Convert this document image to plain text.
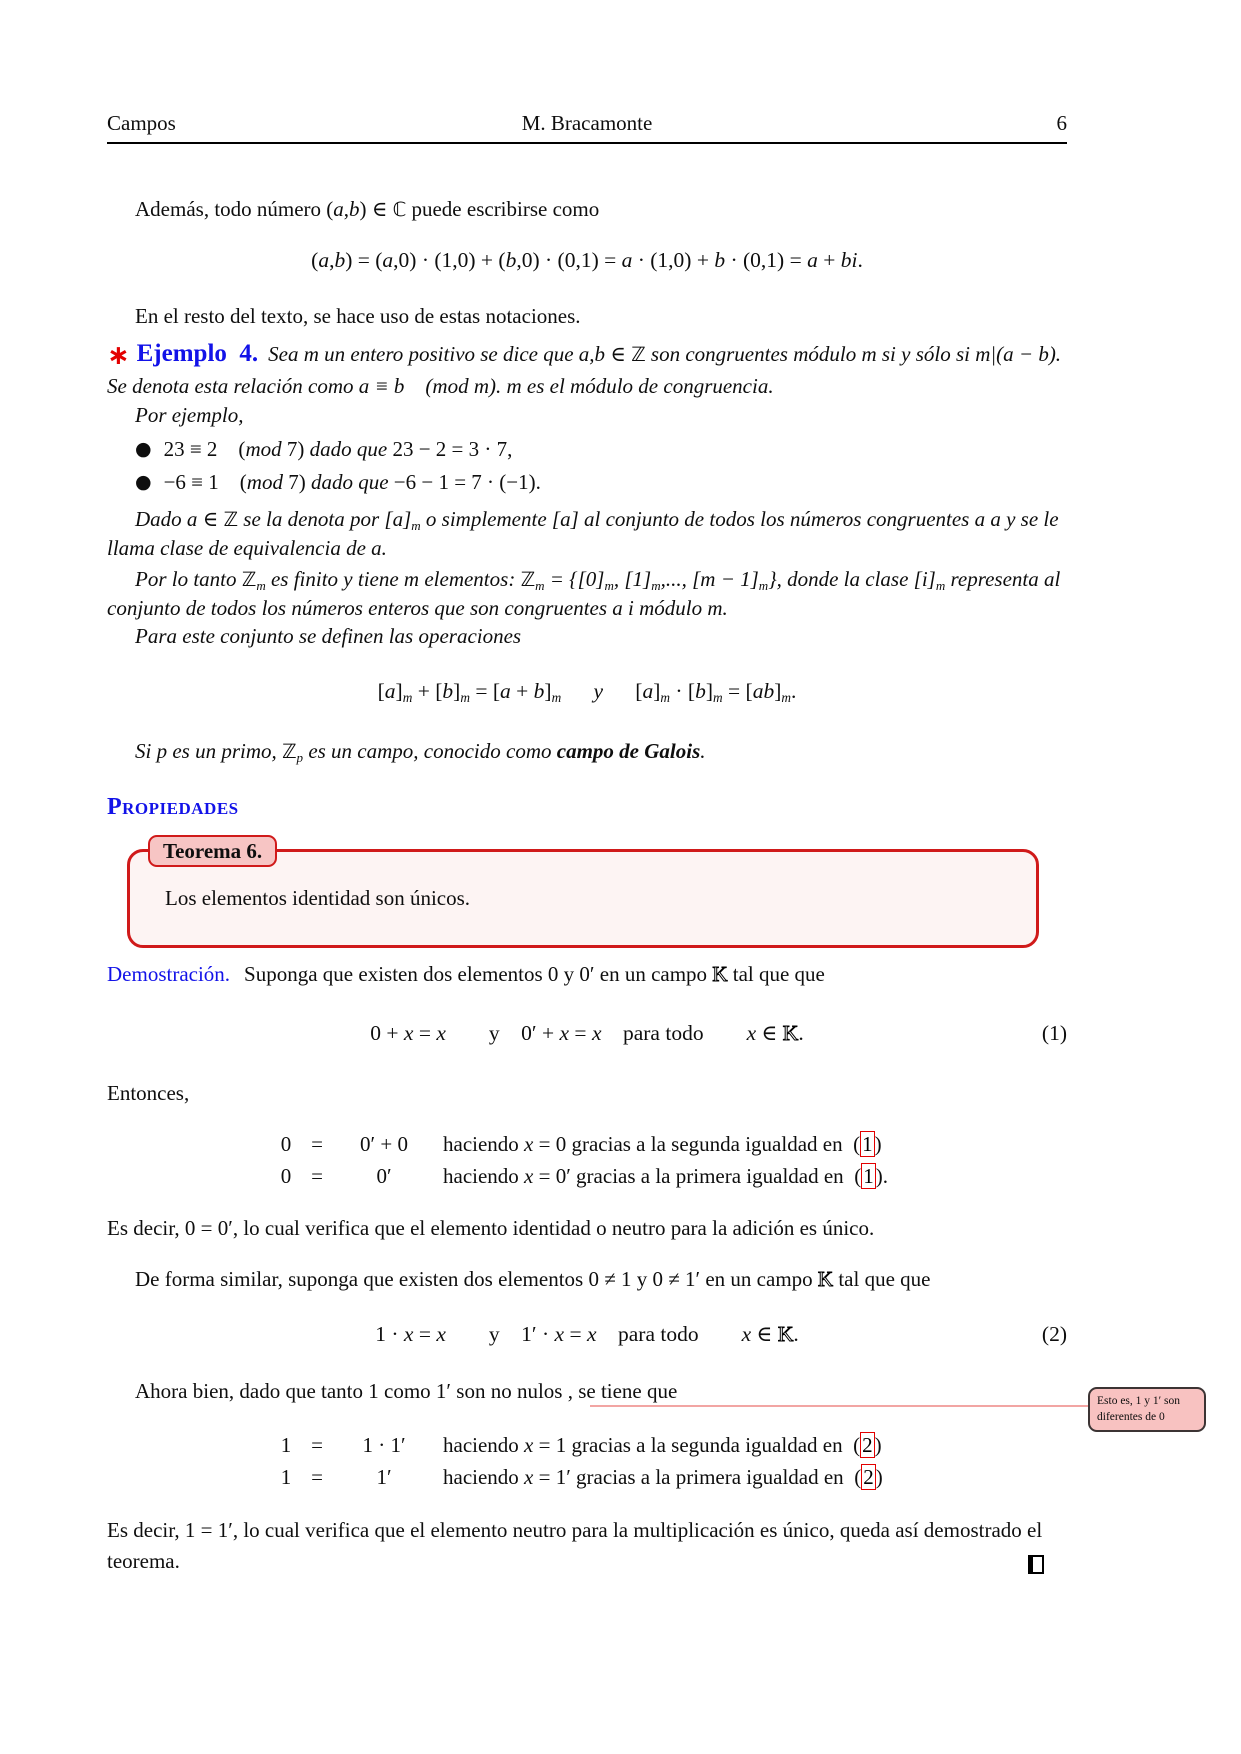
Campos	M. Bracamonte	6

Además, todo número (a,b) ∈ ℂ puede escribirse como

(a,b) = (a,0) · (1,0) + (b,0) · (0,1) = a · (1,0) + b · (0,1) = a + bi.

En el resto del texto, se hace uso de estas notaciones.

∗ Ejemplo  4. Sea m un entero positivo se dice que a,b ∈ ℤ son congruentes módulo m si y sólo si m|(a − b). Se denota esta relación como a ≡ b  (mod m). m es el módulo de congruencia.

Por ejemplo,

● 23 ≡ 2  (mod 7) dado que 23 − 2 = 3 · 7,
● −6 ≡ 1  (mod 7) dado que −6 − 1 = 7 · (−1).

Dado a ∈ ℤ se la denota por $[a]_m$ o simplemente [a] al conjunto de todos los números congruentes a a y se le llama clase de equivalencia de a.

Por lo tanto ℤ$_m$ es finito y tiene m elementos: ℤ$_m$ = {$[0]_m$, $[1]_m$,..., $[m - 1]_m$}, donde la clase $[i]_m$ representa al conjunto de todos los números enteros que son congruentes a i módulo m.

Para este conjunto se definen las operaciones

$[a]_m + [b]_m = [a + b]_m$   y  $[a]_m \cdot [b]_m = [ab]_m$.

Si p es un primo, ℤ$_p$ es un campo, conocido como campo de Galois.

Propiedades
Teorema 6.
Los elementos identidad son únicos.

Demostración. Suponga que existen dos elementos 0 y 0′ en un campo K tal que que

0 + x = x   y  0′ + x = x  para todo   x ∈ K.	(1)

Entonces,

0 =	0′ + 0	haciendo x = 0 gracias a la segunda igualdad en (1)
0 =	0′	haciendo x = 0′ gracias a la primera igualdad en (1).

Es decir, 0 = 0′, lo cual verifica que el elemento identidad o neutro para la adición es único.

De forma similar, suponga que existen dos elementos 0 ≠ 1 y 0 ≠ 1′ en un campo K tal que que

1 · x = x   y  1′ · x = x  para todo   x ∈ K.	(2)

Ahora bien, dado que tanto 1 como 1′ son no nulos , se tiene que	Esto es, 1 y 1′ son diferentes de 0
1 =	1 · 1′	haciendo x = 1 gracias a la segunda igualdad en (2)
1 =	1′	haciendo x = 1′ gracias a la primera igualdad en (2)

Es decir, 1 = 1′, lo cual verifica que el elemento neutro para la multiplicación es único, queda así demostrado el teorema.
